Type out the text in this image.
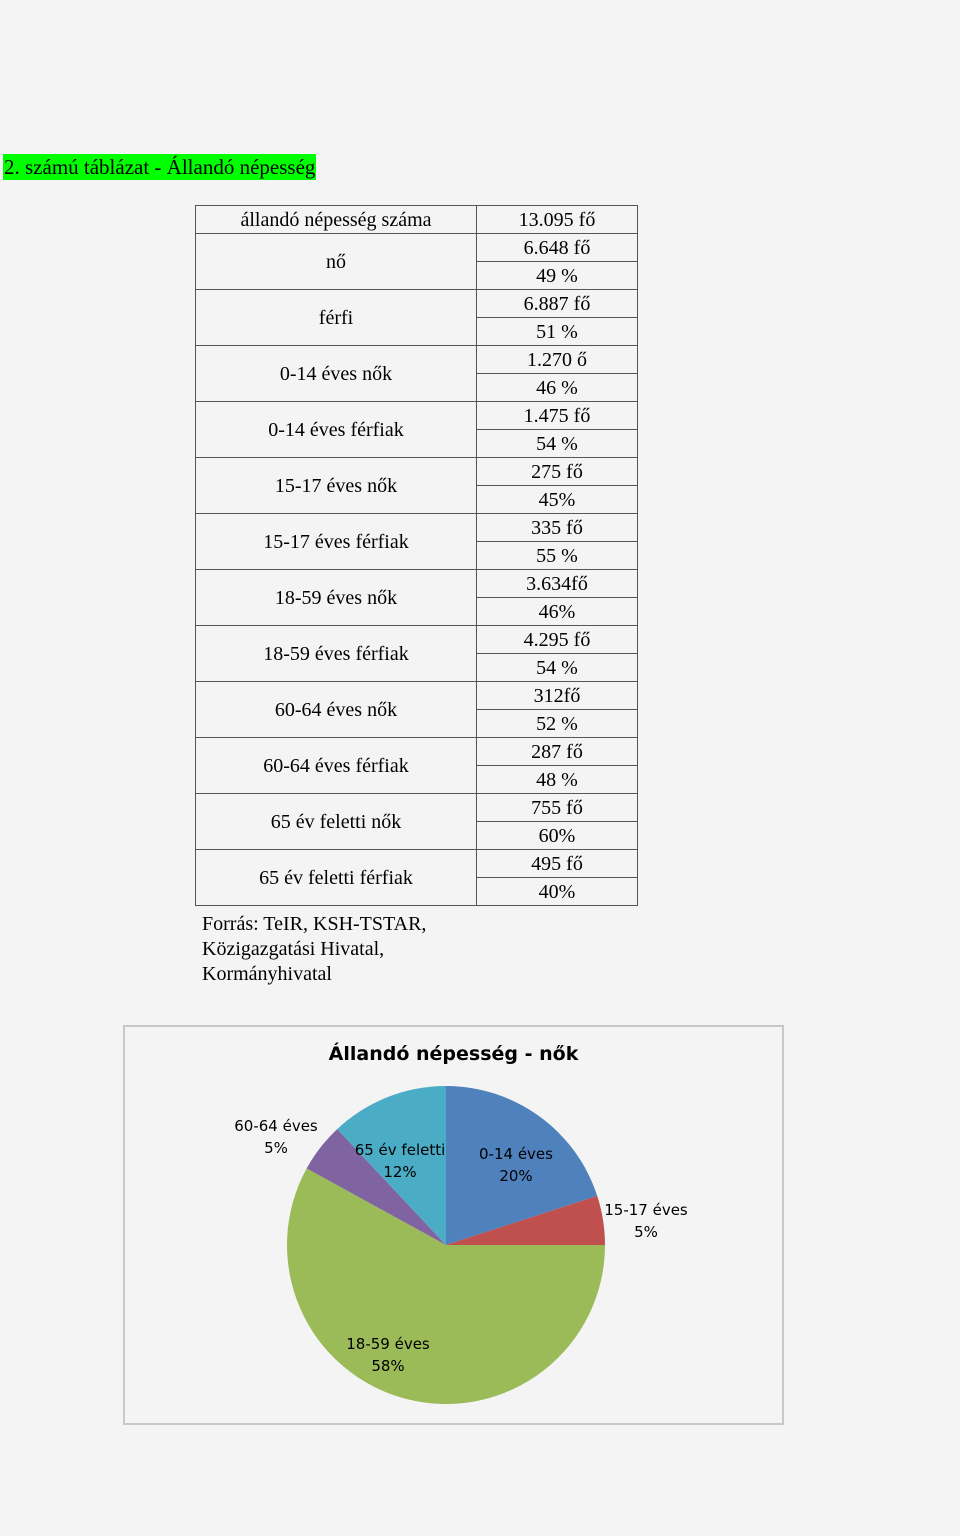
2. számú táblázat - Állandó népesség
állandó népesség száma	13.095 fő
nő	6.648 fő
	49 %
férfi	6.887 fő
	51 %
0-14 éves nők	1.270 ő
	46 %
0-14 éves férfiak	1.475 fő
	54 %
15-17 éves nők	275 fő
	45%
15-17 éves férfiak	335 fő
	55 %
18-59 éves nők	3.634fő
	46%
18-59 éves férfiak	4.295 fő
	54 %
60-64 éves nők	312fő
	52 %
60-64 éves férfiak	287 fő
	48 %
65 év feletti nők	755 fő
	60%
65 év feletti férfiak	495 fő
	40%
Forrás: TeIR, KSH-TSTAR, Közigazgatási Hivatal, Kormányhivatal
Állandó népesség - nők
0-14 éves
20%
15-17 éves
5%
18-59 éves
58%
60-64 éves
5%	65 év feletti
12%
